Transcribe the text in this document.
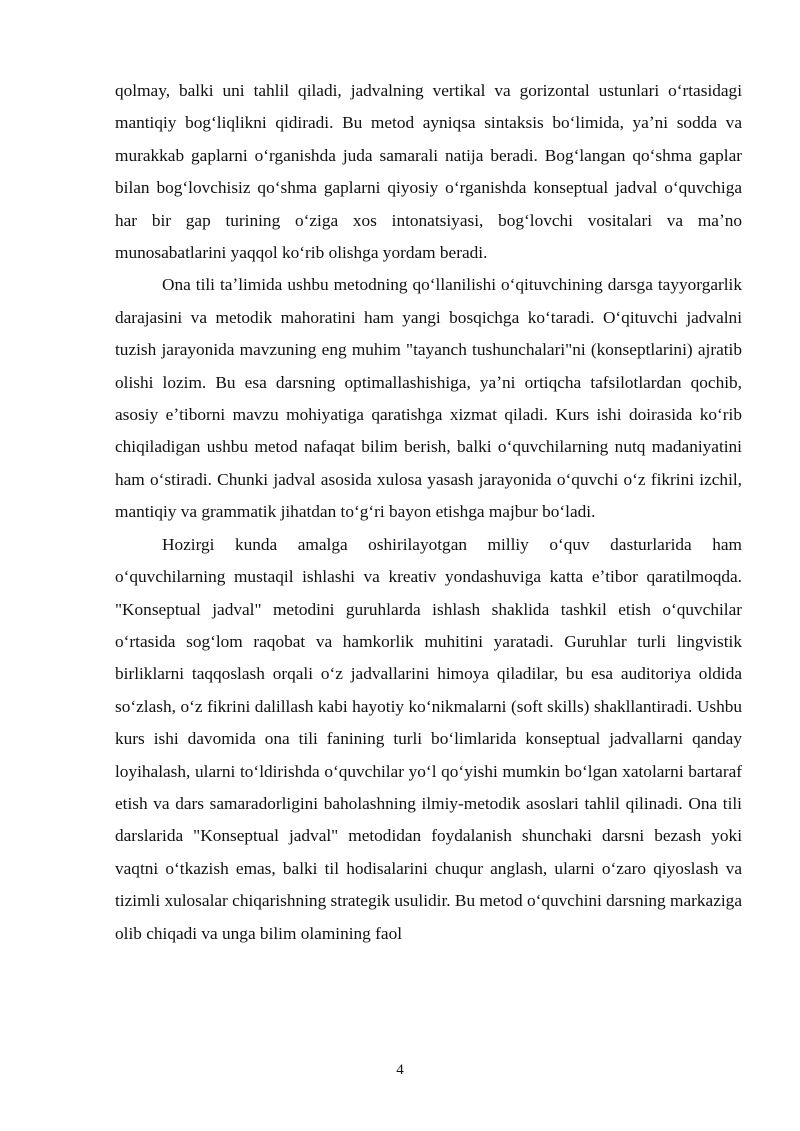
qolmay, balki uni tahlil qiladi, jadvalning vertikal va gorizontal ustunlari oʻrtasidagi mantiqiy bogʻliqlikni qidiradi. Bu metod ayniqsa sintaksis boʻlimida, yaʼni sodda va murakkab gaplarni oʻrganishda juda samarali natija beradi. Bogʻlangan qoʻshma gaplar bilan bogʻlovchisiz qoʻshma gaplarni qiyosiy oʻrganishda konseptual jadval oʻquvchiga har bir gap turining oʻziga xos intonatsiyasi, bogʻlovchi vositalari va maʼno munosabatlarini yaqqol koʻrib olishga yordam beradi.

Ona tili taʼlimida ushbu metodning qoʻllanilishi oʻqituvchining darsga tayyorgarlik darajasini va metodik mahoratini ham yangi bosqichga koʻtaradi. Oʻqituvchi jadvalni tuzish jarayonida mavzuning eng muhim "tayanch tushunchalari"ni (konseptlarini) ajratib olishi lozim. Bu esa darsning optimallashishiga, yaʼni ortiqcha tafsilotlardan qochib, asosiy eʼtiborni mavzu mohiyatiga qaratishga xizmat qiladi. Kurs ishi doirasida koʻrib chiqiladigan ushbu metod nafaqat bilim berish, balki oʻquvchilarning nutq madaniyatini ham oʻstiradi. Chunki jadval asosida xulosa yasash jarayonida oʻquvchi oʻz fikrini izchil, mantiqiy va grammatik jihatdan toʻgʻri bayon etishga majbur boʻladi.

Hozirgi kunda amalga oshirilayotgan milliy oʻquv dasturlarida ham oʻquvchilarning mustaqil ishlashi va kreativ yondashuviga katta eʼtibor qaratilmoqda. "Konseptual jadval" metodini guruhlarda ishlash shaklida tashkil etish oʻquvchilar oʻrtasida sogʻlom raqobat va hamkorlik muhitini yaratadi. Guruhlar turli lingvistik birliklarni taqqoslash orqali oʻz jadvallarini himoya qiladilar, bu esa auditoriya oldida soʻzlash, oʻz fikrini dalillash kabi hayotiy koʻnikmalarni (soft skills) shakllantiradi. Ushbu kurs ishi davomida ona tili fanining turli boʻlimlarida konseptual jadvallarni qanday loyihalash, ularni toʻldirishda oʻquvchilar yoʻl qoʻyishi mumkin boʻlgan xatolarni bartaraf etish va dars samaradorligini baholashning ilmiy-metodik asoslari tahlil qilinadi. Ona tili darslarida "Konseptual jadval" metodidan foydalanish shunchaki darsni bezash yoki vaqtni oʻtkazish emas, balki til hodisalarini chuqur anglash, ularni oʻzaro qiyoslash va tizimli xulosalar chiqarishning strategik usulidir. Bu metod oʻquvchini darsning markaziga olib chiqadi va unga bilim olamining faol

4
